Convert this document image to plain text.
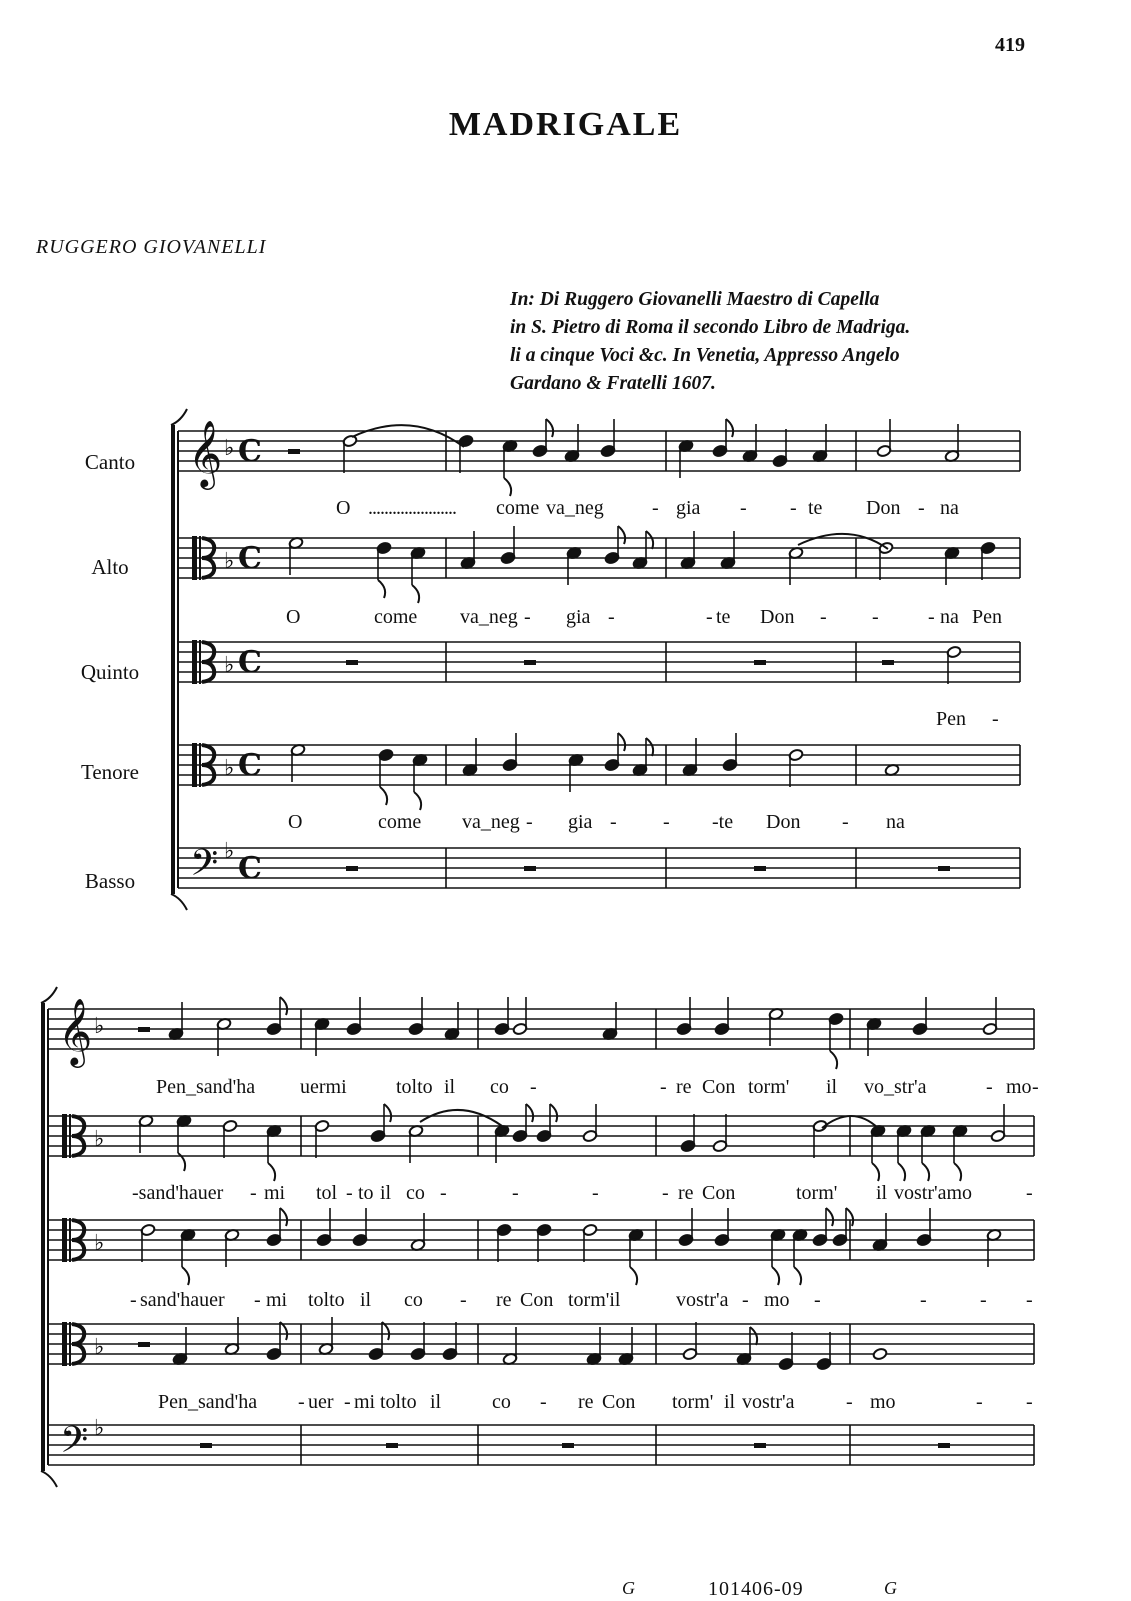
419
MADRIGALE
RUGGERO GIOVANELLI
In: Di Ruggero Giovanelli Maestro di Capella
in S. Pietro di Roma il secondo Libro de Madriga.
li a cinque Voci &c. In Venetia, Appresso Angelo
Gardano & Fratelli 1607.
Canto
Alto
Quinto
Tenore
Basso
𝄞 ♭ C
♭ C
♭ C
♭ C
𝄢 ♭ C
𝄞 ♭
♭
♭
♭
𝄢 ♭
O ...................... come va_neg - gia - - te Don - na
O	come va_neg - gia -	- te Don - - - na Pen
Pen -
O	come va_neg - gia - - -te Don - na
Pen_sand'ha uermi tolto il co -	- re Con torm' il vo_str'a	- mo -
-sand'hauer - mi tol - to il co -	-	-	- re Con	torm' il vostr'amo	-
- sand'hauer - mi tolto il co - re Con torm'il	vostr'a - mo -	-	- -
Pen_sand'ha - uer - mi tolto il	co - re Con torm' il vostr'a	- mo	- -
G	101406-09	G
